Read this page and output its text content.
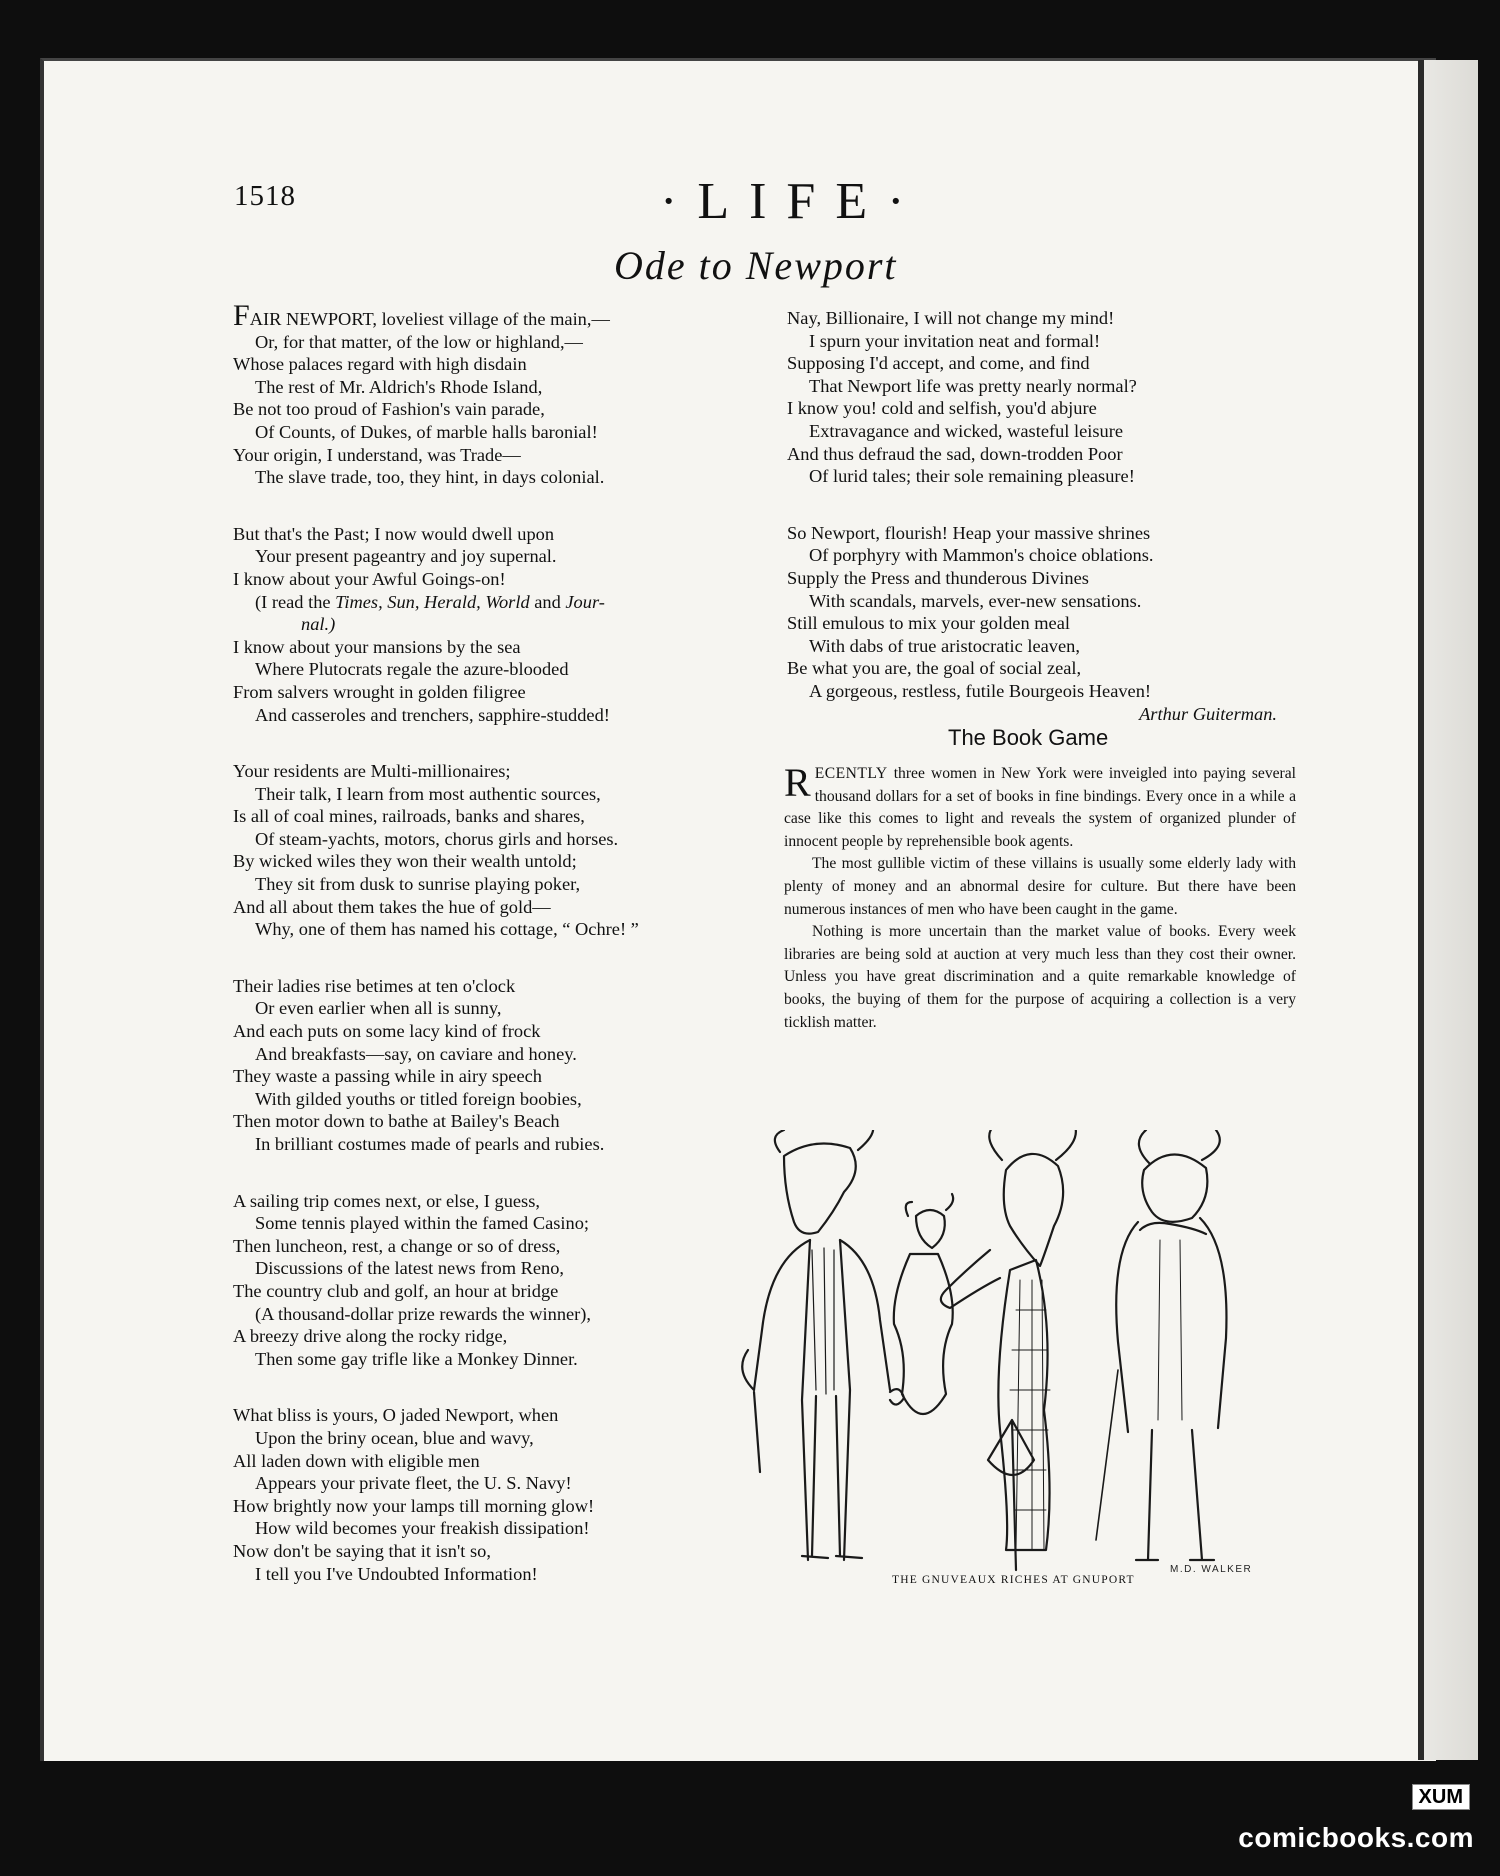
1518	·LIFE·
Ode to Newport
FAIR NEWPORT, loveliest village of the main,—
Or, for that matter, of the low or highland,—
Whose palaces regard with high disdain
The rest of Mr. Aldrich's Rhode Island,
Be not too proud of Fashion's vain parade,
Of Counts, of Dukes, of marble halls baronial!
Your origin, I understand, was Trade—
The slave trade, too, they hint, in days colonial.
But that's the Past; I now would dwell upon
Your present pageantry and joy supernal.
I know about your Awful Goings-on!
(I read the Times, Sun, Herald, World and Jour-
nal.)
I know about your mansions by the sea
Where Plutocrats regale the azure-blooded
From salvers wrought in golden filigree
And casseroles and trenchers, sapphire-studded!
Your residents are Multi-millionaires;
Their talk, I learn from most authentic sources,
Is all of coal mines, railroads, banks and shares,
Of steam-yachts, motors, chorus girls and horses.
By wicked wiles they won their wealth untold;
They sit from dusk to sunrise playing poker,
And all about them takes the hue of gold—
Why, one of them has named his cottage, “ Ochre! ”
Their ladies rise betimes at ten o'clock
Or even earlier when all is sunny,
And each puts on some lacy kind of frock
And breakfasts—say, on caviare and honey.
They waste a passing while in airy speech
With gilded youths or titled foreign boobies,
Then motor down to bathe at Bailey's Beach
In brilliant costumes made of pearls and rubies.
A sailing trip comes next, or else, I guess,
Some tennis played within the famed Casino;
Then luncheon, rest, a change or so of dress,
Discussions of the latest news from Reno,
The country club and golf, an hour at bridge
(A thousand-dollar prize rewards the winner),
A breezy drive along the rocky ridge,
Then some gay trifle like a Monkey Dinner.
What bliss is yours, O jaded Newport, when
Upon the briny ocean, blue and wavy,
All laden down with eligible men
Appears your private fleet, the U. S. Navy!
How brightly now your lamps till morning glow!
How wild becomes your freakish dissipation!
Now don't be saying that it isn't so,
I tell you I've Undoubted Information!
Nay, Billionaire, I will not change my mind!
I spurn your invitation neat and formal!
Supposing I'd accept, and come, and find
That Newport life was pretty nearly normal?
I know you! cold and selfish, you'd abjure
Extravagance and wicked, wasteful leisure
And thus defraud the sad, down-trodden Poor
Of lurid tales; their sole remaining pleasure!
So Newport, flourish! Heap your massive shrines
Of porphyry with Mammon's choice oblations.
Supply the Press and thunderous Divines
With scandals, marvels, ever-new sensations.
Still emulous to mix your golden meal
With dabs of true aristocratic leaven,
Be what you are, the goal of social zeal,
A gorgeous, restless, futile Bourgeois Heaven!
Arthur Guiterman.
The Book Game

RECENTLY three women in New York were inveigled into paying several thousand dollars for a set of books in fine bindings. Every once in a while a case like this comes to light and reveals the system of organized plunder of innocent people by reprehensible book agents.

The most gullible victim of these villains is usually some elderly lady with plenty of money and an abnormal desire for culture. But there have been numerous instances of men who have been caught in the game.

Nothing is more uncertain than the market value of books. Every week libraries are being sold at auction at very much less than they cost their owner. Unless you have great discrimination and a quite remarkable knowledge of books, the buying of them for the purpose of acquiring a collection is a very ticklish matter.

M.D. WALKER
THE GNUVEAUX RICHES AT GNUPORT
XUM
comicbooks.com
